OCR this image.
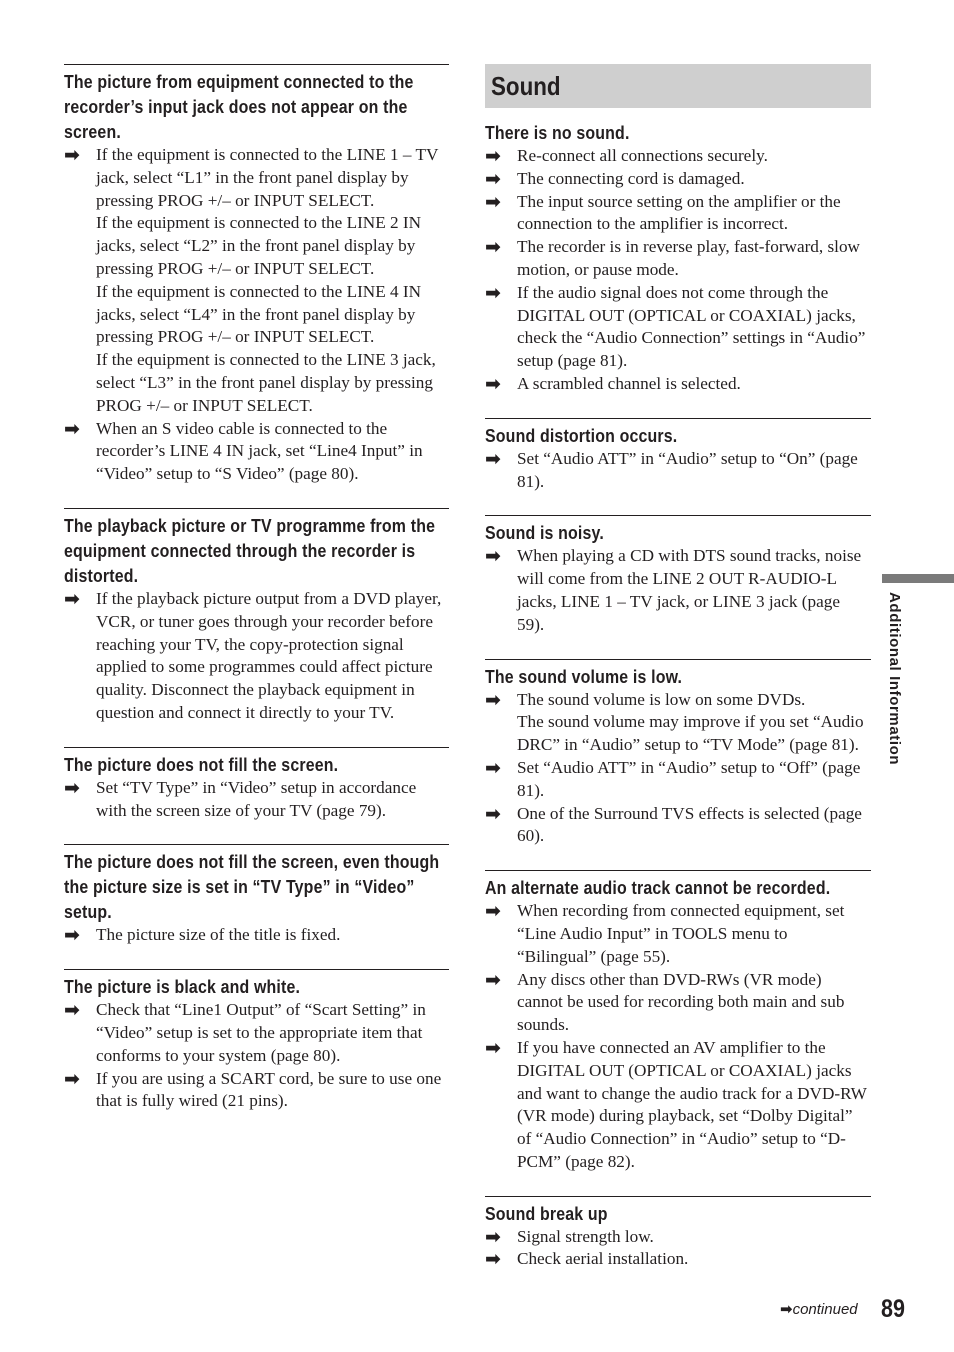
The picture from equipment connected to the recorder’s input jack does not appear on the screen.
➡ If the equipment is connected to the LINE 1 – TV jack, select “L1” in the front panel display by pressing PROG +/– or INPUT SELECT.
If the equipment is connected to the LINE 2 IN jacks, select “L2” in the front panel display by pressing PROG +/– or INPUT SELECT.
If the equipment is connected to the LINE 4 IN jacks, select “L4” in the front panel display by pressing PROG +/– or INPUT SELECT.
If the equipment is connected to the LINE 3 jack, select “L3” in the front panel display by pressing PROG +/– or INPUT SELECT.
➡ When an S video cable is connected to the recorder’s LINE 4 IN jack, set “Line4 Input” in “Video” setup to “S Video” (page 80).
The playback picture or TV programme from the equipment connected through the recorder is distorted.
➡ If the playback picture output from a DVD player, VCR, or tuner goes through your recorder before reaching your TV, the copy-protection signal applied to some programmes could affect picture quality. Disconnect the playback equipment in question and connect it directly to your TV.
The picture does not fill the screen.
➡ Set “TV Type” in “Video” setup in accordance with the screen size of your TV (page 79).
The picture does not fill the screen, even though the picture size is set in “TV Type” in “Video” setup.
➡ The picture size of the title is fixed.
The picture is black and white.
➡ Check that “Line1 Output” of “Scart Setting” in “Video” setup is set to the appropriate item that conforms to your system (page 80).
➡ If you are using a SCART cord, be sure to use one that is fully wired (21 pins).
Sound
There is no sound.
➡ Re-connect all connections securely.
➡ The connecting cord is damaged.
➡ The input source setting on the amplifier or the connection to the amplifier is incorrect.
➡ The recorder is in reverse play, fast-forward, slow motion, or pause mode.
➡ If the audio signal does not come through the DIGITAL OUT (OPTICAL or COAXIAL) jacks, check the “Audio Connection” settings in “Audio” setup (page 81).
➡ A scrambled channel is selected.
Sound distortion occurs.
➡ Set “Audio ATT” in “Audio” setup to “On” (page 81).
Sound is noisy.
➡ When playing a CD with DTS sound tracks, noise will come from the LINE 2 OUT R-AUDIO-L jacks, LINE 1 – TV jack, or LINE 3 jack (page 59).
The sound volume is low.
➡ The sound volume is low on some DVDs.
The sound volume may improve if you set “Audio DRC” in “Audio” setup to “TV Mode” (page 81).
➡ Set “Audio ATT” in “Audio” setup to “Off” (page 81).
➡ One of the Surround TVS effects is selected (page 60).
An alternate audio track cannot be recorded.
➡ When recording from connected equipment, set “Line Audio Input” in TOOLS menu to “Bilingual” (page 55).
➡ Any discs other than DVD-RWs (VR mode) cannot be used for recording both main and sub sounds.
➡ If you have connected an AV amplifier to the DIGITAL OUT (OPTICAL or COAXIAL) jacks and want to change the audio track for a DVD-RW (VR mode) during playback, set “Dolby Digital” of “Audio Connection” in “Audio” setup to “D-PCM” (page 82).
Sound break up
➡ Signal strength low.
➡ Check aerial installation.
Additional Information
➡continued 89
